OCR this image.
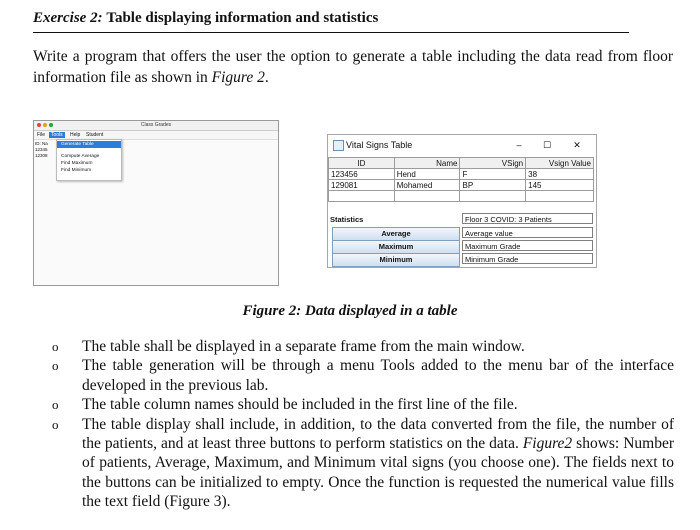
Exercise 2: Table displaying information and statistics
Write a program that offers the user the option to generate a table including the data read from floor information file as shown in Figure 2.
Class Grades
File	Tools	Help	Student
ID: Na
12345
12308
Generate Table
Compute Average
Find Maximum
Find Minimum
Vital Signs Table	–	☐	✕
ID	Name	VSign	Vsign Value
123456	Hend	F	38
129081	Mohamed	BP	145

Statistics	Floor 3 COVID: 3 Patients
Average	Average value
Maximum	Maximum Grade
Minimum	Minimum Grade
Figure 2: Data displayed in a table
o The table shall be displayed in a separate frame from the main window.
o The table generation will be through a menu Tools added to the menu bar of the interface developed in the previous lab.
o The table column names should be included in the first line of the file.
o The table display shall include, in addition, to the data converted from the file, the number of the patients, and at least three buttons to perform statistics on the data. Figure2 shows: Number of patients, Average, Maximum, and Minimum vital signs (you choose one). The fields next to the buttons can be initialized to empty. Once the function is requested the numerical value fills the text field (Figure 3).
